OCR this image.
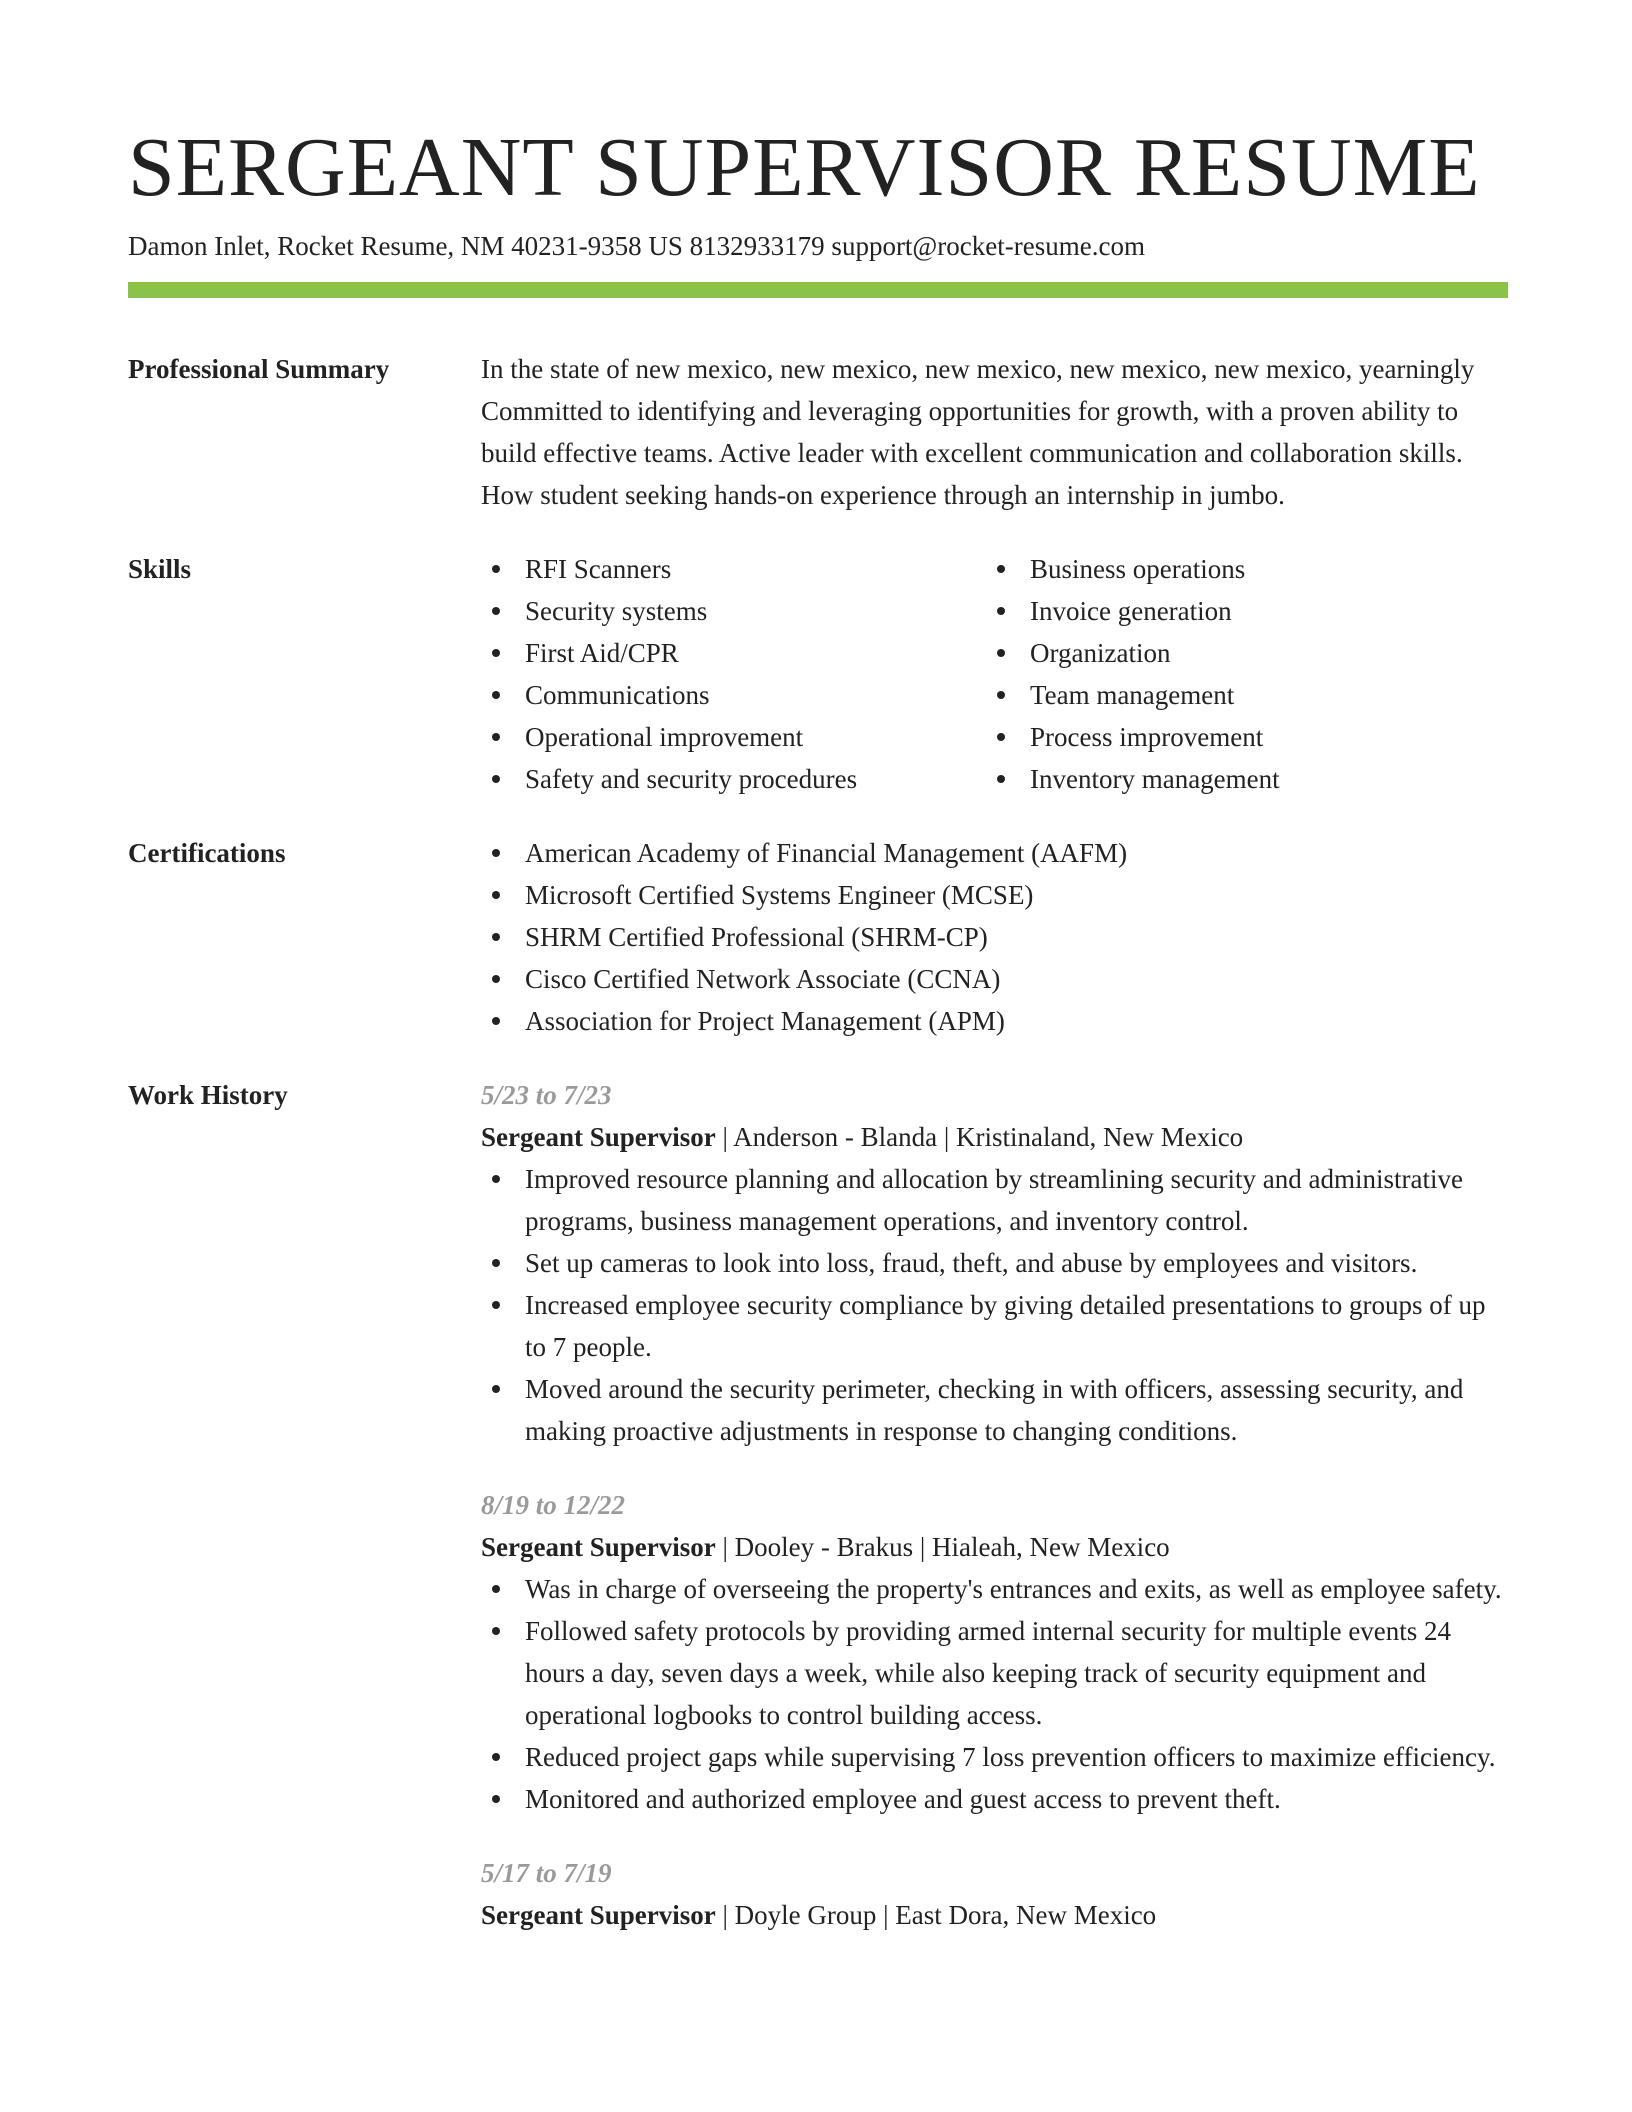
SERGEANT SUPERVISOR RESUME
Damon Inlet, Rocket Resume, NM 40231-9358 US 8132933179 support@rocket-resume.com
Professional Summary	In the state of new mexico, new mexico, new mexico, new mexico, new mexico, yearningly Committed to identifying and leveraging opportunities for growth, with a proven ability to build effective teams. Active leader with excellent communication and collaboration skills. How student seeking hands-on experience through an internship in jumbo.
Skills	RFI Scanners
Security systems
First Aid/CPR
Communications
Operational improvement
Safety and security procedures
Business operations
Invoice generation
Organization
Team management
Process improvement
Inventory management
Certifications	American Academy of Financial Management (AAFM)
Microsoft Certified Systems Engineer (MCSE)
SHRM Certified Professional (SHRM-CP)
Cisco Certified Network Associate (CCNA)
Association for Project Management (APM)
Work History	5/23 to 7/23
Sergeant Supervisor | Anderson - Blanda | Kristinaland, New Mexico
Improved resource planning and allocation by streamlining security and administrative programs, business management operations, and inventory control.
Set up cameras to look into loss, fraud, theft, and abuse by employees and visitors.
Increased employee security compliance by giving detailed presentations to groups of up to 7 people.
Moved around the security perimeter, checking in with officers, assessing security, and making proactive adjustments in response to changing conditions.
8/19 to 12/22
Sergeant Supervisor | Dooley - Brakus | Hialeah, New Mexico
Was in charge of overseeing the property's entrances and exits, as well as employee safety.
Followed safety protocols by providing armed internal security for multiple events 24 hours a day, seven days a week, while also keeping track of security equipment and operational logbooks to control building access.
Reduced project gaps while supervising 7 loss prevention officers to maximize efficiency.
Monitored and authorized employee and guest access to prevent theft.
5/17 to 7/19
Sergeant Supervisor | Doyle Group | East Dora, New Mexico
